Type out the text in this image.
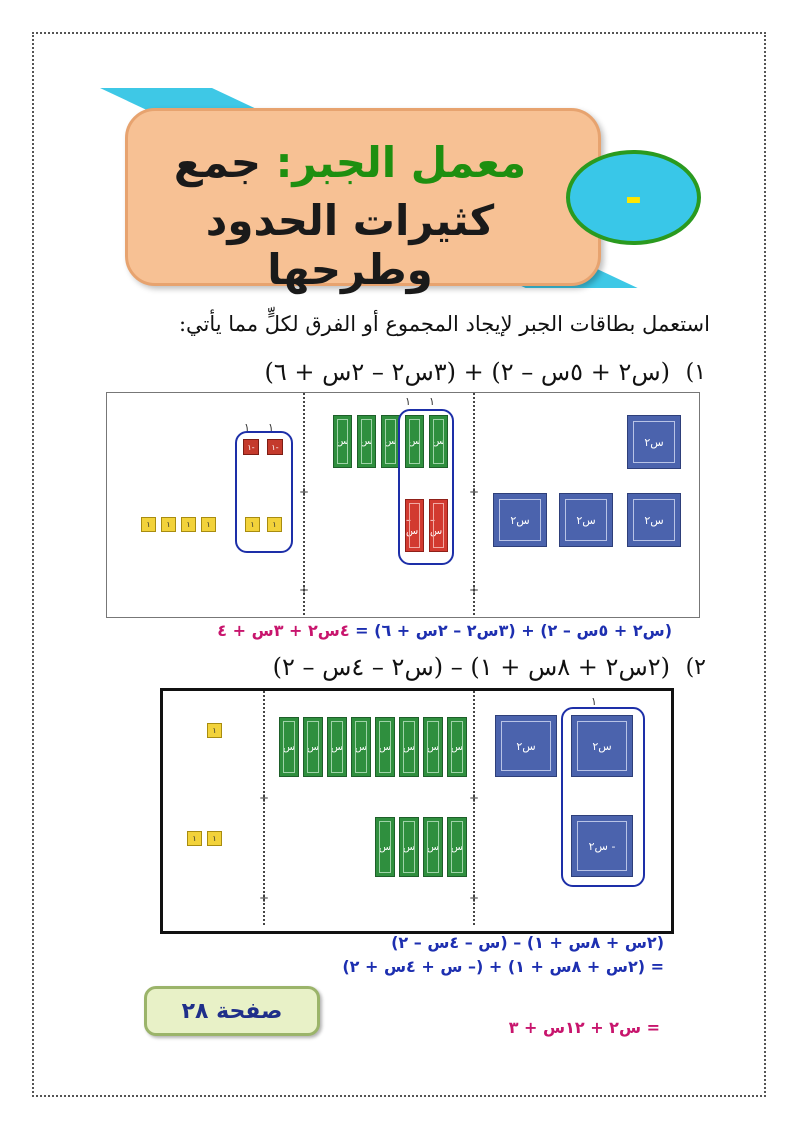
معمل الجبر: جمع
كثيرات الحدود وطرحها
-
استعمل بطاقات الجبر لإيجاد المجموع أو الفرق لكلٍّ مما يأتي:
١)
(س٢ + ٥س – ٢) + (٣س٢ – ٢س + ٦)
+	+
+	+
س٢
س٢	س٢	س٢
س س س س س
–س
–س
١ ١
١- ١-
١ ١
١ ١ ١ ١	١ ١
(س٢ + ٥س – ٢) + (٣س٢ – ٢س + ٦) = ٤س٢ + ٣س + ٤
٢)
(٢س٢ + ٨س + ١) – (س٢ – ٤س – ٢)
+	+
+	+
س٢	س٢
- س٢
١
س س س س س س س س
س س س س
١
١ ١
(٢س + ٨س + ١) – (س – ٤س – ٢)
= (٢س + ٨س + ١) + (– س + ٤س + ٢)
= س٢ + ١٢س + ٣
صفحة ٢٨
